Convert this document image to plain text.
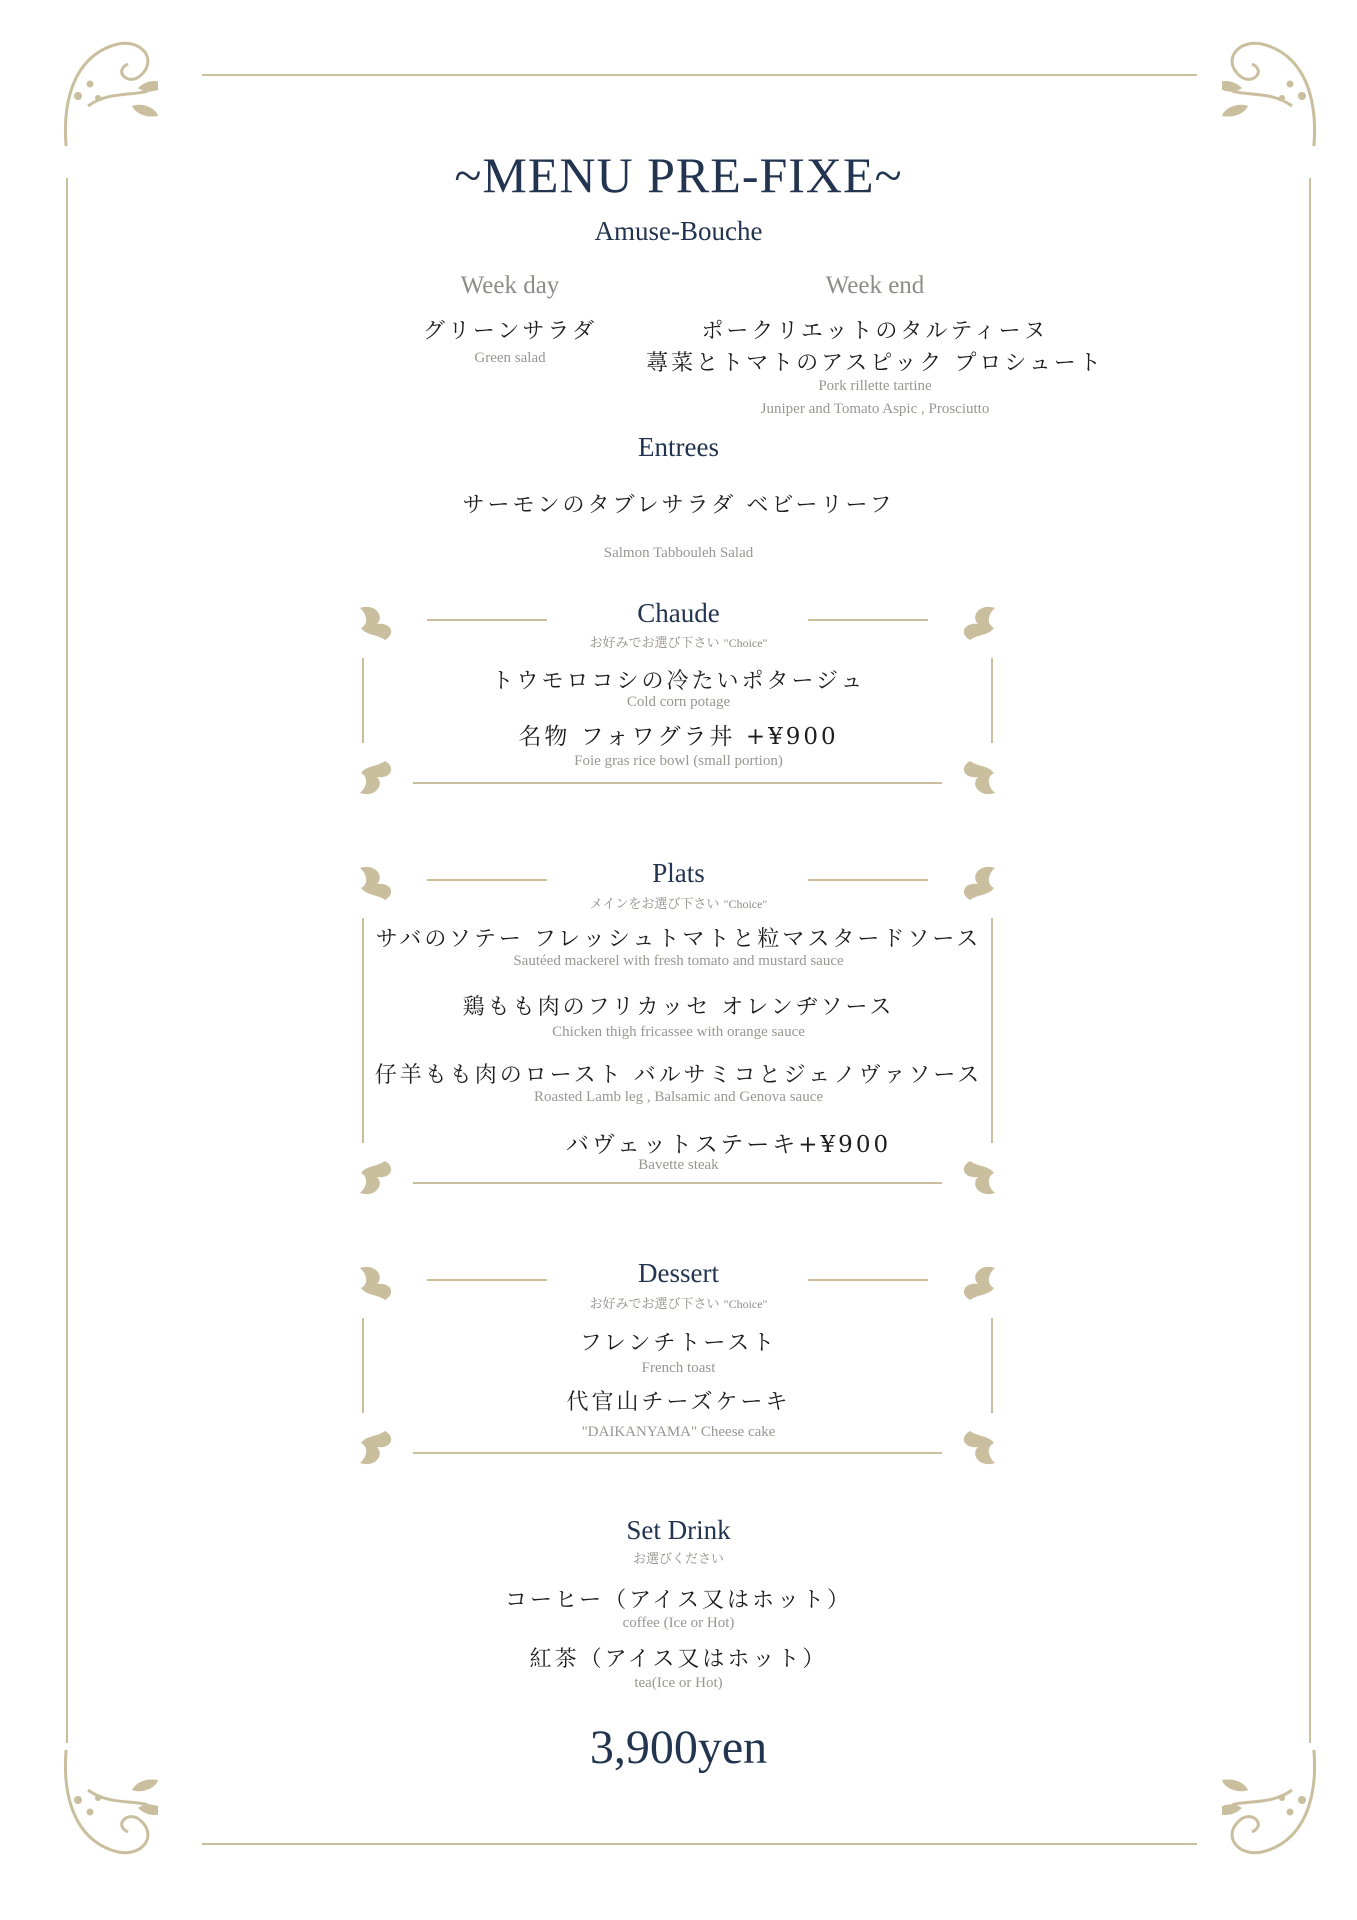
~MENU PRE-FIXE~
Amuse-Bouche
Week day
グリーンサラダ
Green salad
Week end
ポークリエットのタルティーヌ
蕁菜とトマトのアスピック プロシュート
Pork rillette tartine
Juniper and Tomato Aspic , Prosciutto
Entrees
サーモンのタブレサラダ ベビーリーフ
Salmon Tabbouleh Salad
Chaude
お好みでお選び下さい "Choice"
トウモロコシの冷たいポタージュ
Cold corn potage
名物 フォワグラ丼 +¥900
Foie gras rice bowl (small portion)
Plats
メインをお選び下さい "Choice"
サバのソテー フレッシュトマトと粒マスタードソース
Sautéed mackerel with fresh tomato and mustard sauce
鶏もも肉のフリカッセ オレンヂソース
Chicken thigh fricassee with orange sauce
仔羊もも肉のロースト バルサミコとジェノヴァソース
Roasted Lamb leg , Balsamic and Genova sauce
バヴェットステーキ+¥900
Bavette steak
Dessert
お好みでお選び下さい "Choice"
フレンチトースト
French toast
代官山チーズケーキ
"DAIKANYAMA" Cheese cake
Set Drink
お選びください
コーヒー（アイス又はホット）
coffee (Ice or Hot)
紅茶（アイス又はホット）
tea(Ice or Hot)
3,900yen
